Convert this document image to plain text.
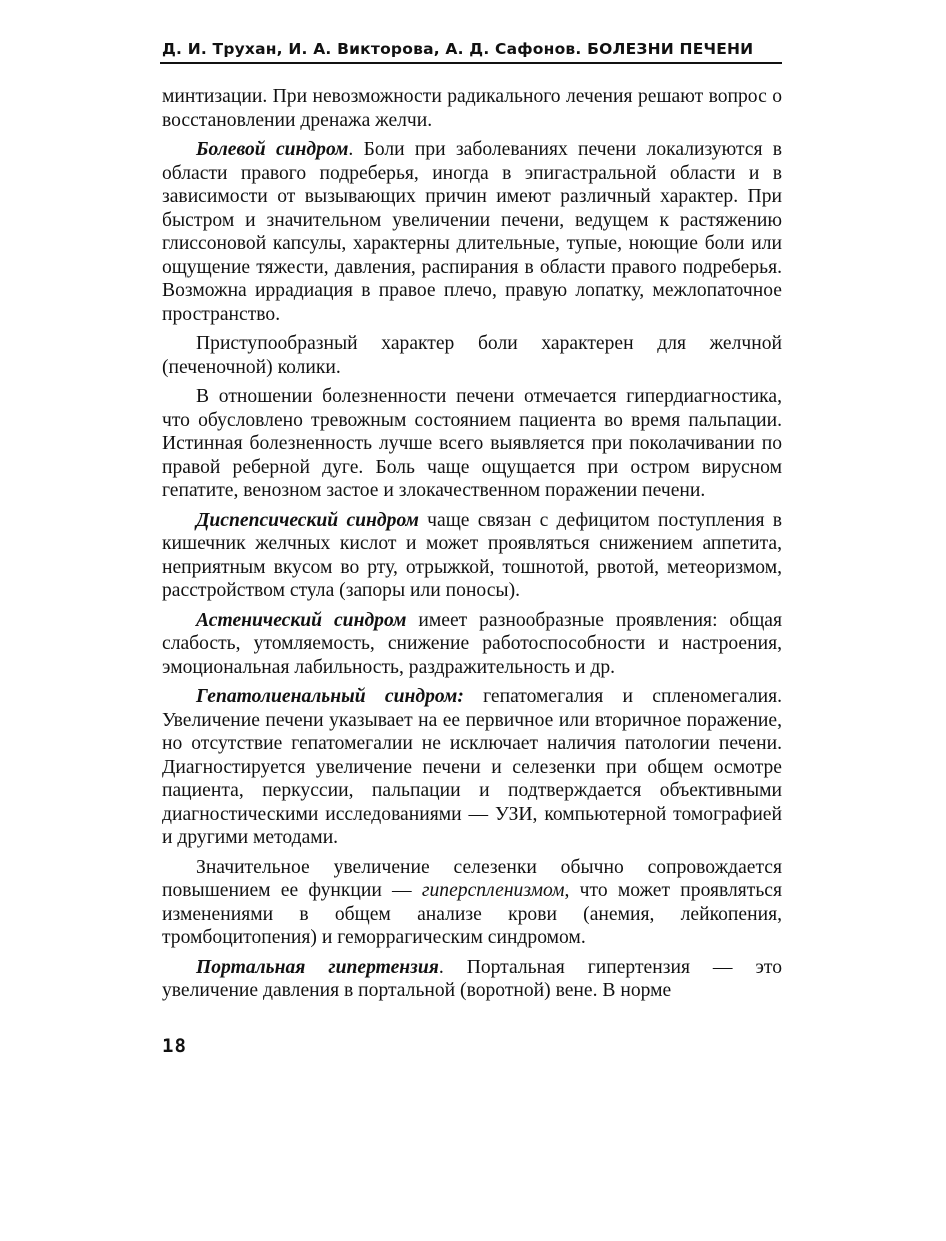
Д. И. Трухан, И. А. Викторова, А. Д. Сафонов. БОЛЕЗНИ ПЕЧЕНИ

минтизации. При невозможности радикального лечения решают вопрос о восстановлении дренажа желчи.

Болевой синдром. Боли при заболеваниях печени локализуются в области правого подреберья, иногда в эпигастральной области и в зависимости от вызывающих причин имеют различный характер. При быстром и значительном увеличении печени, ведущем к растяжению глиссоновой капсулы, характерны длительные, тупые, ноющие боли или ощущение тяжести, давления, распирания в области правого подреберья. Возможна иррадиация в правое плечо, правую лопатку, межлопаточное пространство.

Приступообразный характер боли характерен для желчной (печеночной) колики.

В отношении болезненности печени отмечается гипердиагностика, что обусловлено тревожным состоянием пациента во время пальпации. Истинная болезненность лучше всего выявляется при поколачивании по правой реберной дуге. Боль чаще ощущается при остром вирусном гепатите, венозном застое и злокачественном поражении печени.

Диспепсический синдром чаще связан с дефицитом поступления в кишечник желчных кислот и может проявляться снижением аппетита, неприятным вкусом во рту, отрыжкой, тошнотой, рвотой, метеоризмом, расстройством стула (запоры или поносы).

Астенический синдром имеет разнообразные проявления: общая слабость, утомляемость, снижение работоспособности и настроения, эмоциональная лабильность, раздражительность и др.

Гепатолиенальный синдром: гепатомегалия и спленомегалия. Увеличение печени указывает на ее первичное или вторичное поражение, но отсутствие гепатомегалии не исключает наличия патологии печени. Диагностируется увеличение печени и селезенки при общем осмотре пациента, перкуссии, пальпации и подтверждается объективными диагностическими исследованиями — УЗИ, компьютерной томографией и другими методами.

Значительное увеличение селезенки обычно сопровождается повышением ее функции — гиперспленизмом, что может проявляться изменениями в общем анализе крови (анемия, лейкопения, тромбоцитопения) и геморрагическим синдромом.

Портальная гипертензия. Портальная гипертензия — это увеличение давления в портальной (воротной) вене. В норме

18
